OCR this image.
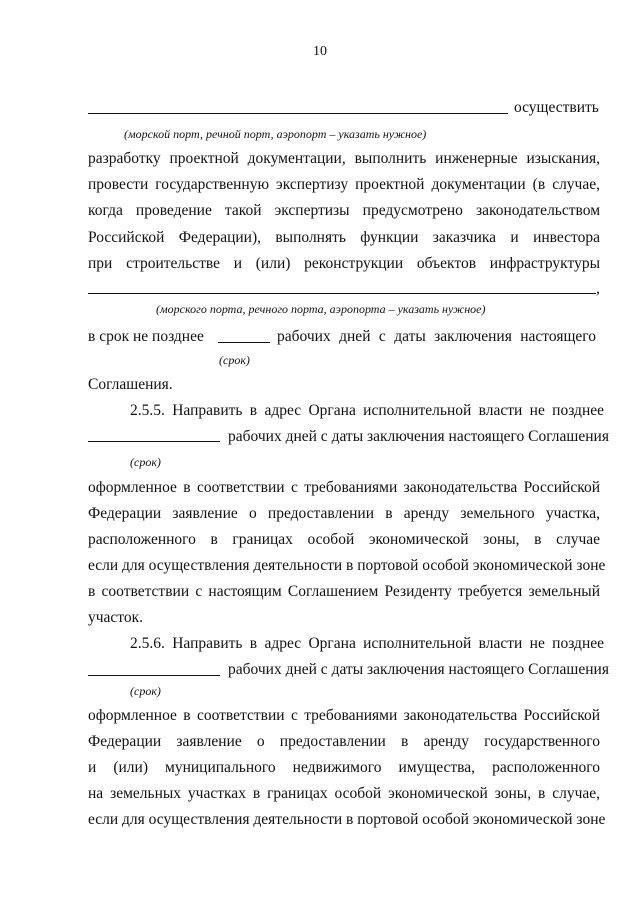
10
осуществить
(морской порт, речной порт, аэропорт – указать нужное)
разработку проектной документации, выполнить инженерные изыскания,
провести государственную экспертизу проектной документации (в случае,
когда проведение такой экспертизы предусмотрено законодательством
Российской Федерации), выполнять функции заказчика и инвестора
при строительстве и (или) реконструкции объектов инфраструктуры
,
(морского порта, речного порта, аэропорта – указать нужное)
в срок не позднее	рабочих дней с даты заключения настоящего
(срок)
Соглашения.
2.5.5. Направить в адрес Органа исполнительной власти не позднее
рабочих дней с даты заключения настоящего Соглашения
(срок)
оформленное в соответствии с требованиями законодательства Российской
Федерации заявление о предоставлении в аренду земельного участка,
расположенного в границах особой экономической зоны, в случае
если для осуществления деятельности в портовой особой экономической зоне
в соответствии с настоящим Соглашением Резиденту требуется земельный
участок.
2.5.6. Направить в адрес Органа исполнительной власти не позднее
рабочих дней с даты заключения настоящего Соглашения
(срок)
оформленное в соответствии с требованиями законодательства Российской
Федерации заявление о предоставлении в аренду государственного
и (или) муниципального недвижимого имущества, расположенного
на земельных участках в границах особой экономической зоны, в случае,
если для осуществления деятельности в портовой особой экономической зоне
